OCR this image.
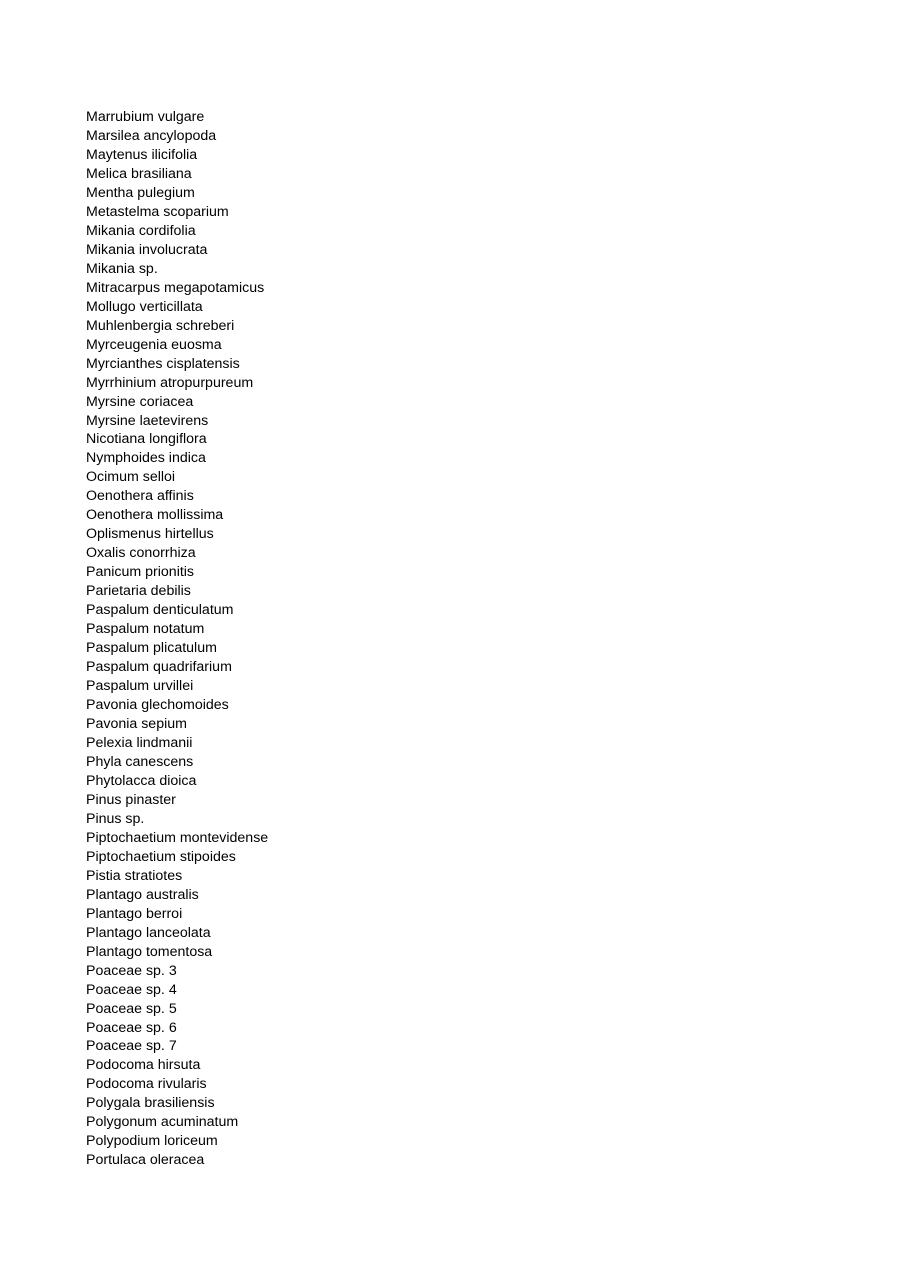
Marrubium vulgare
Marsilea ancylopoda
Maytenus ilicifolia
Melica brasiliana
Mentha pulegium
Metastelma scoparium
Mikania cordifolia
Mikania involucrata
Mikania sp.
Mitracarpus megapotamicus
Mollugo verticillata
Muhlenbergia schreberi
Myrceugenia euosma
Myrcianthes cisplatensis
Myrrhinium atropurpureum
Myrsine coriacea
Myrsine laetevirens
Nicotiana longiflora
Nymphoides indica
Ocimum selloi
Oenothera affinis
Oenothera mollissima
Oplismenus hirtellus
Oxalis conorrhiza
Panicum prionitis
Parietaria debilis
Paspalum denticulatum
Paspalum notatum
Paspalum plicatulum
Paspalum quadrifarium
Paspalum urvillei
Pavonia glechomoides
Pavonia sepium
Pelexia lindmanii
Phyla canescens
Phytolacca dioica
Pinus pinaster
Pinus sp.
Piptochaetium montevidense
Piptochaetium stipoides
Pistia stratiotes
Plantago australis
Plantago berroi
Plantago lanceolata
Plantago tomentosa
Poaceae sp. 3
Poaceae sp. 4
Poaceae sp. 5
Poaceae sp. 6
Poaceae sp. 7
Podocoma hirsuta
Podocoma rivularis
Polygala brasiliensis
Polygonum acuminatum
Polypodium loriceum
Portulaca oleracea
